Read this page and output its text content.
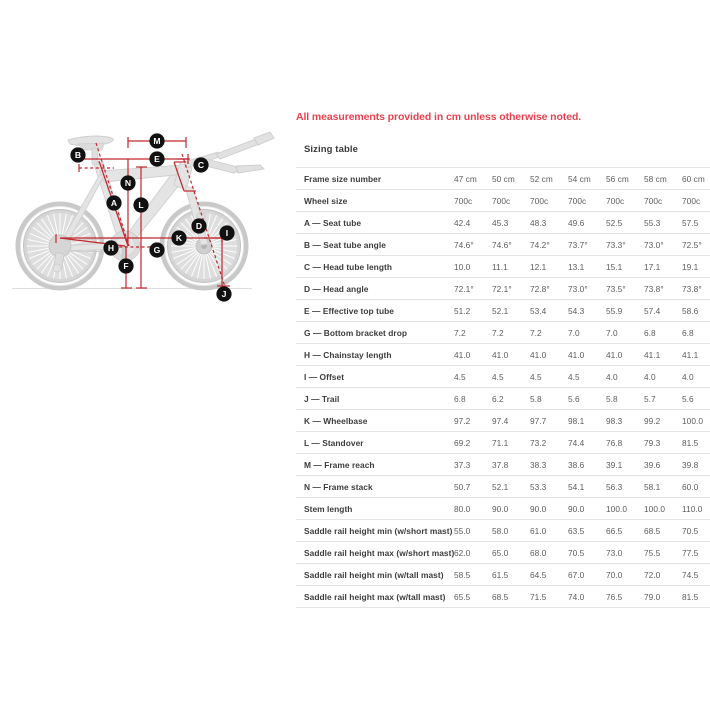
M
E
B
C
N
A L
D
I
K
H	G
F
J
All measurements provided in cm unless otherwise noted.
Sizing table
Frame size number	47 cm	50 cm	52 cm	54 cm	56 cm	58 cm	60 cm
Wheel size	700c	700c	700c	700c	700c	700c	700c
A — Seat tube	42.4	45.3	48.3	49.6	52.5	55.3	57.5
B — Seat tube angle	74.6°	74.6°	74.2°	73.7°	73.3°	73.0°	72.5°
C — Head tube length	10.0	11.1	12.1	13.1	15.1	17.1	19.1
D — Head angle	72.1°	72.1°	72.8°	73.0°	73.5°	73.8°	73.8°
E — Effective top tube	51.2	52.1	53.4	54.3	55.9	57.4	58.6
G — Bottom bracket drop	7.2	7.2	7.2	7.0	7.0	6.8	6.8
H — Chainstay length	41.0	41.0	41.0	41.0	41.0	41.1	41.1
I — Offset	4.5	4.5	4.5	4.5	4.0	4.0	4.0
J — Trail	6.8	6.2	5.8	5.6	5.8	5.7	5.6
K — Wheelbase	97.2	97.4	97.7	98.1	98.3	99.2	100.0
L — Standover	69.2	71.1	73.2	74.4	76.8	79.3	81.5
M — Frame reach	37.3	37.8	38.3	38.6	39.1	39.6	39.8
N — Frame stack	50.7	52.1	53.3	54.1	56.3	58.1	60.0
Stem length	80.0	90.0	90.0	90.0	100.0	100.0	110.0
Saddle rail height min (w/short mast)	55.0	58.0	61.0	63.5	66.5	68.5	70.5
Saddle rail height max (w/short mast)	62.0	65.0	68.0	70.5	73.0	75.5	77.5
Saddle rail height min (w/tall mast)	58.5	61.5	64.5	67.0	70.0	72.0	74.5
Saddle rail height max (w/tall mast)	65.5	68.5	71.5	74.0	76.5	79.0	81.5
